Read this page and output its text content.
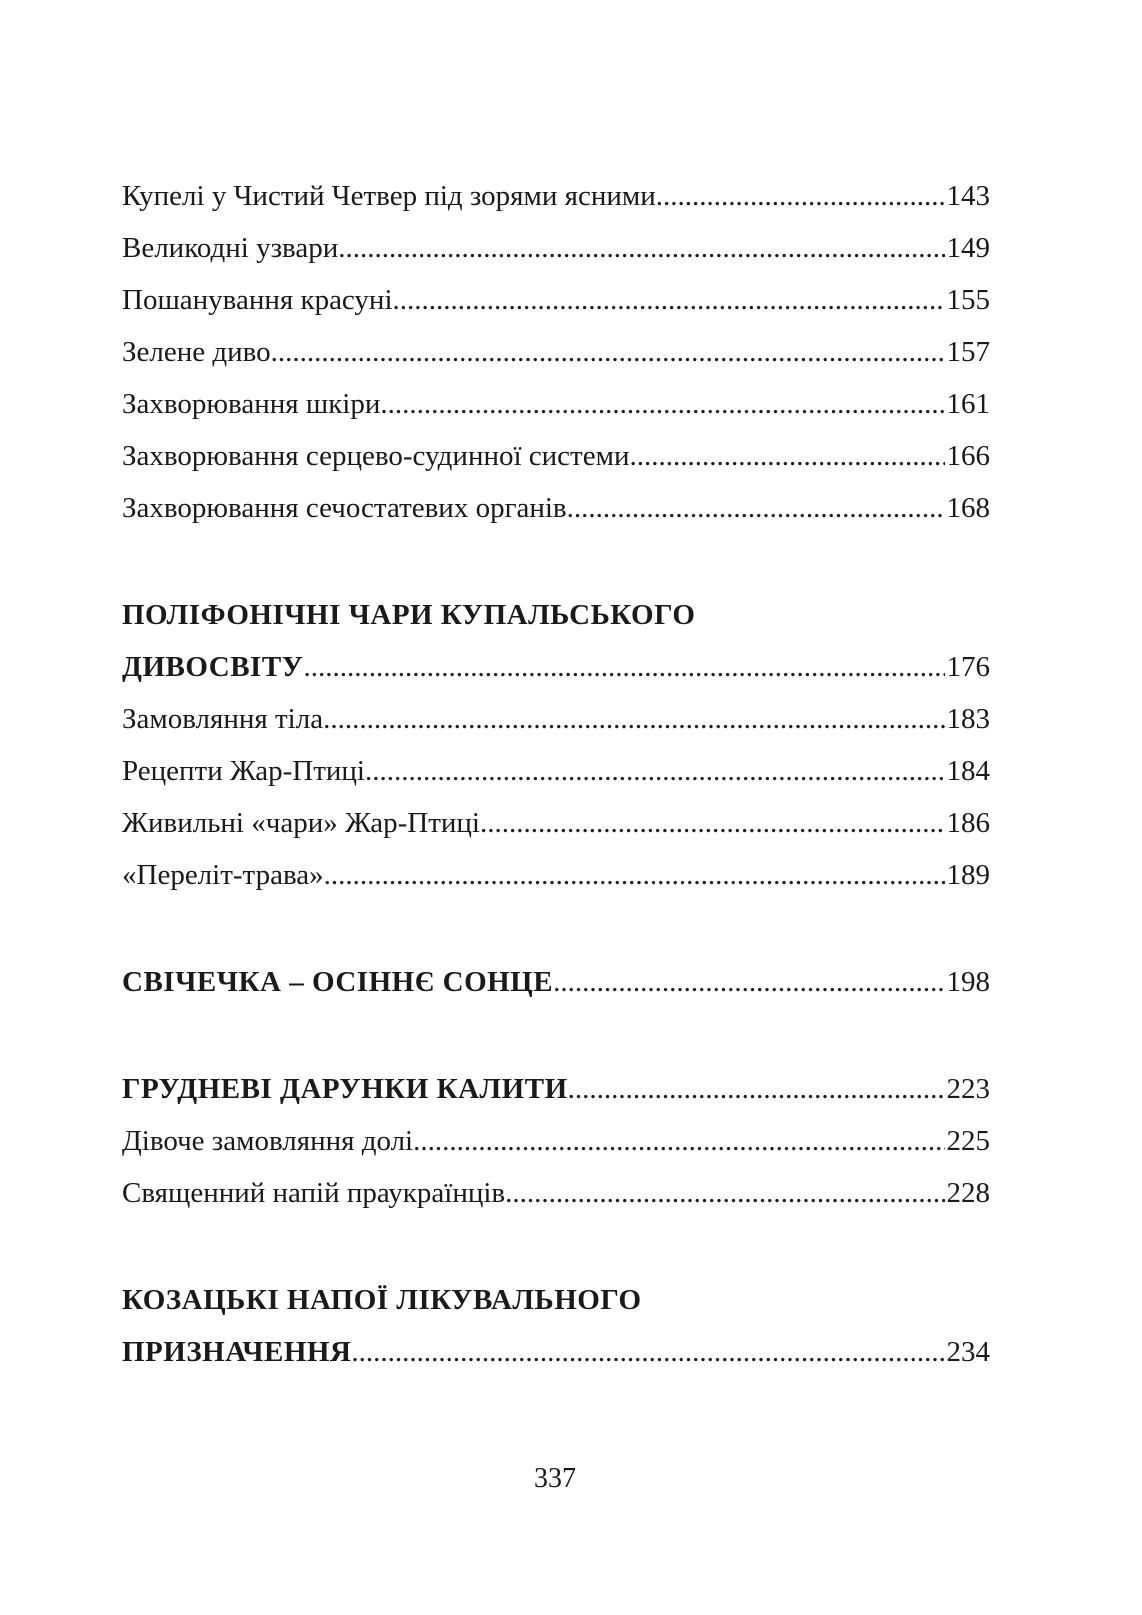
Купелі у Чистий Четвер під зорями ясними .....	143
Великодні узвари .....	149
Пошанування красуні .....	155
Зелене диво .....	157
Захворювання шкіри .....	161
Захворювання серцево-судинної системи .....	166
Захворювання сечостатевих органів .....	168
ПОЛІФОНІЧНІ ЧАРИ КУПАЛЬСЬКОГО
ДИВОСВІТУ .....	176
Замовляння тіла .....	183
Рецепти Жар-Птиці .....	184
Живильні «чари» Жар-Птиці .....	186
«Переліт-трава» .....	189
СВІЧЕЧКА – ОСІННЄ СОНЦЕ .....	198
ГРУДНЕВІ ДАРУНКИ КАЛИТИ .....	223
Дівоче замовляння долі .....	225
Священний напій праукраїнців .....	228
КОЗАЦЬКІ НАПОЇ ЛІКУВАЛЬНОГО
ПРИЗНАЧЕННЯ .....	234
337
